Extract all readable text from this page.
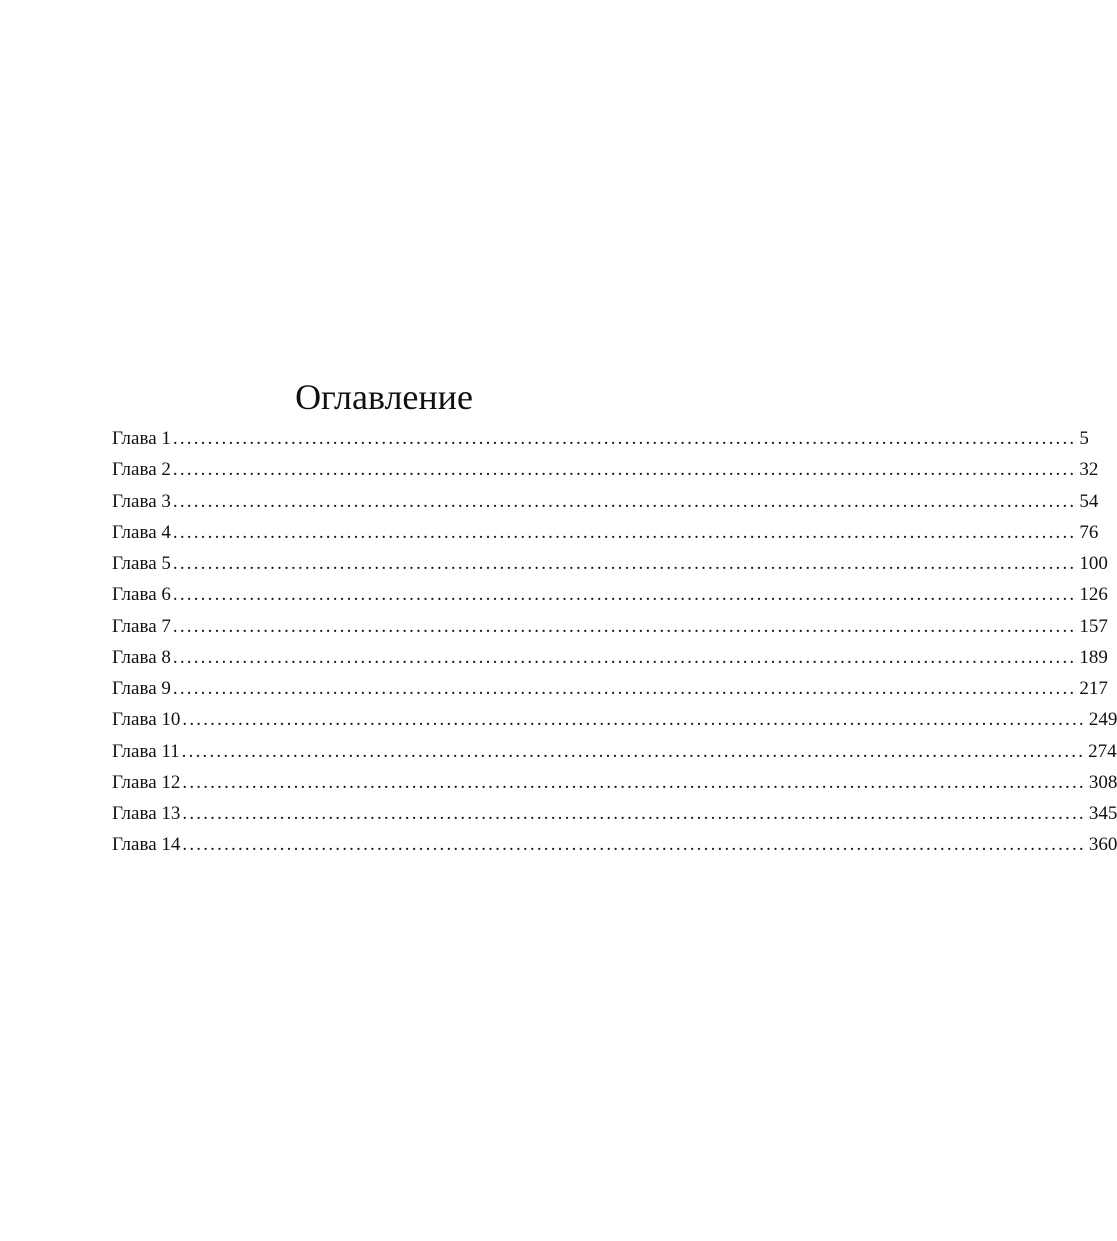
Оглавление
Глава 1 .................................................................................................................................. 5
Глава 2 .................................................................................................................................. 32
Глава 3 .................................................................................................................................. 54
Глава 4 .................................................................................................................................. 76
Глава 5 .................................................................................................................................. 100
Глава 6 .................................................................................................................................. 126
Глава 7 .................................................................................................................................. 157
Глава 8 .................................................................................................................................. 189
Глава 9 .................................................................................................................................. 217
Глава 10 .................................................................................................................................. 249
Глава 11 .................................................................................................................................. 274
Глава 12 .................................................................................................................................. 308
Глава 13 .................................................................................................................................. 345
Глава 14 .................................................................................................................................. 360
